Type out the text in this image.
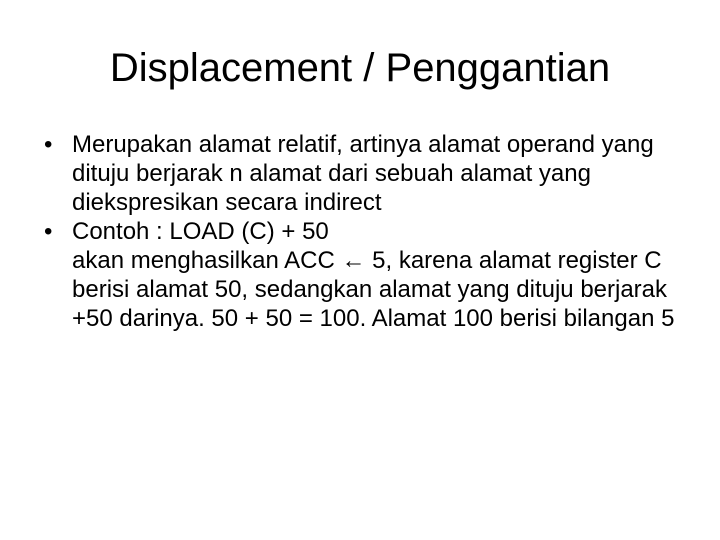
Displacement / Penggantian

• Merupakan alamat relatif, artinya alamat operand yang dituju berjarak n alamat dari sebuah alamat yang diekspresikan secara indirect

• Contoh : LOAD (C) + 50

akan menghasilkan ACC ← 5, karena alamat register C berisi alamat 50, sedangkan alamat yang dituju berjarak +50 darinya. 50 + 50 = 100. Alamat 100 berisi bilangan 5
